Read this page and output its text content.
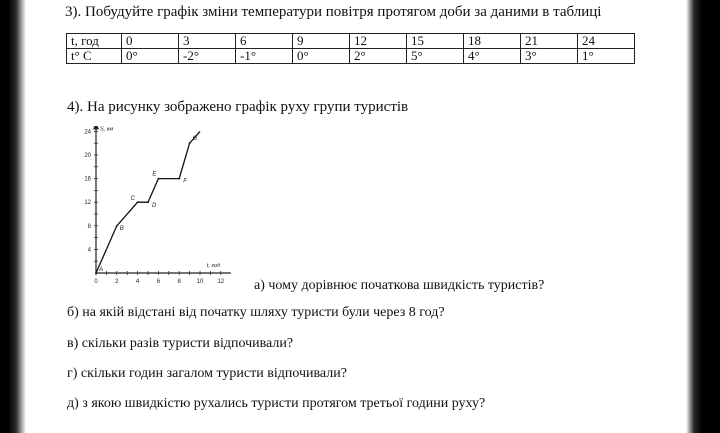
3). Побудуйте графік зміни температури повітря протягом доби за даними в таблиці
t, год	0	3	6	9	12	15	18	21	24
t° C	0°	-2°	-1°	0°	2°	5°	4°	3°	1°
4). На рисунку зображено графік руху групи туристів
0	2	4	6	8	10 12
4
8
12
16
20
24
t, год
S, км
A
B
C
D
E
F
G
а) чому дорівнює початкова швидкість туристів?
б) на якій відстані від початку шляху туристи були через 8 год?
в) скільки разів туристи відпочивали?
г) скільки годин загалом туристи відпочивали?
д) з якою швидкістю рухались туристи протягом третьої години руху?
